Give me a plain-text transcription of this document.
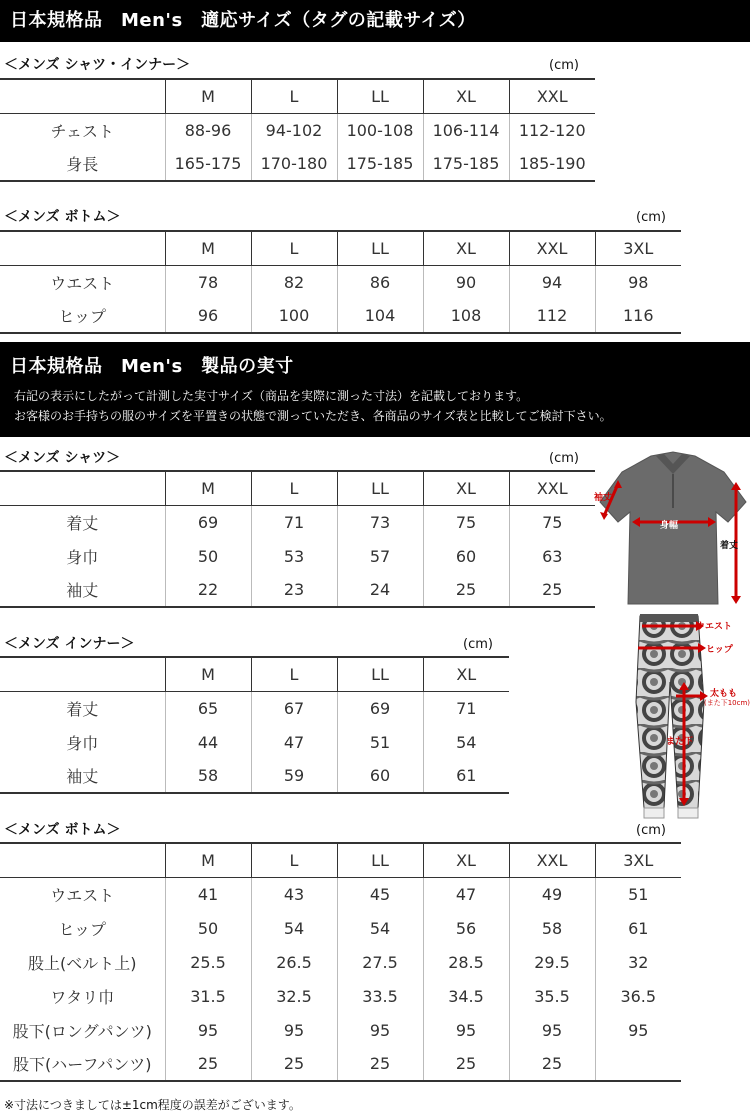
日本規格品　Men's　適応サイズ（タグの記載サイズ）
＜メンズ シャツ・インナー＞	(cm)
	M	L	LL	XL	XXL
チェスト	88-96	94-102	100-108	106-114	112-120
身長	165-175	170-180	175-185	175-185	185-190
＜メンズ ボトム＞	(cm)
	M	L	LL	XL	XXL	3XL
ウエスト	78	82	86	90	94	98
ヒップ	96	100	104	108	112	116
日本規格品　Men's　製品の実寸
右記の表示にしたがって計測した実寸サイズ（商品を実際に測った寸法）を記載しております。
お客様のお手持ちの服のサイズを平置きの状態で測っていただき、各商品のサイズ表と比較してご検討下さい。
＜メンズ シャツ＞	(cm)
	M	L	LL	XL	XXL
着丈	69	71	73	75	75
身巾	50	53	57	60	63
袖丈	22	23	24	25	25
＜メンズ インナー＞	(cm)
	M	L	LL	XL
着丈	65	67	69	71
身巾	44	47	51	54
袖丈	58	59	60	61
＜メンズ ボトム＞	(cm)
	M	L	LL	XL	XXL	3XL
ウエスト	41	43	45	47	49	51
ヒップ	50	54	54	56	58	61
股上(ベルト上)	25.5	26.5	27.5	28.5	29.5	32
ワタリ巾	31.5	32.5	33.5	34.5	35.5	36.5
股下(ロングパンツ)	95	95	95	95	95	95
股下(ハーフパンツ)	25	25	25	25	25	
袖丈
身幅
着丈
ウエスト
ヒップ
太もも
(また下10cm)
また下
※寸法につきましては±1cm程度の誤差がございます。
